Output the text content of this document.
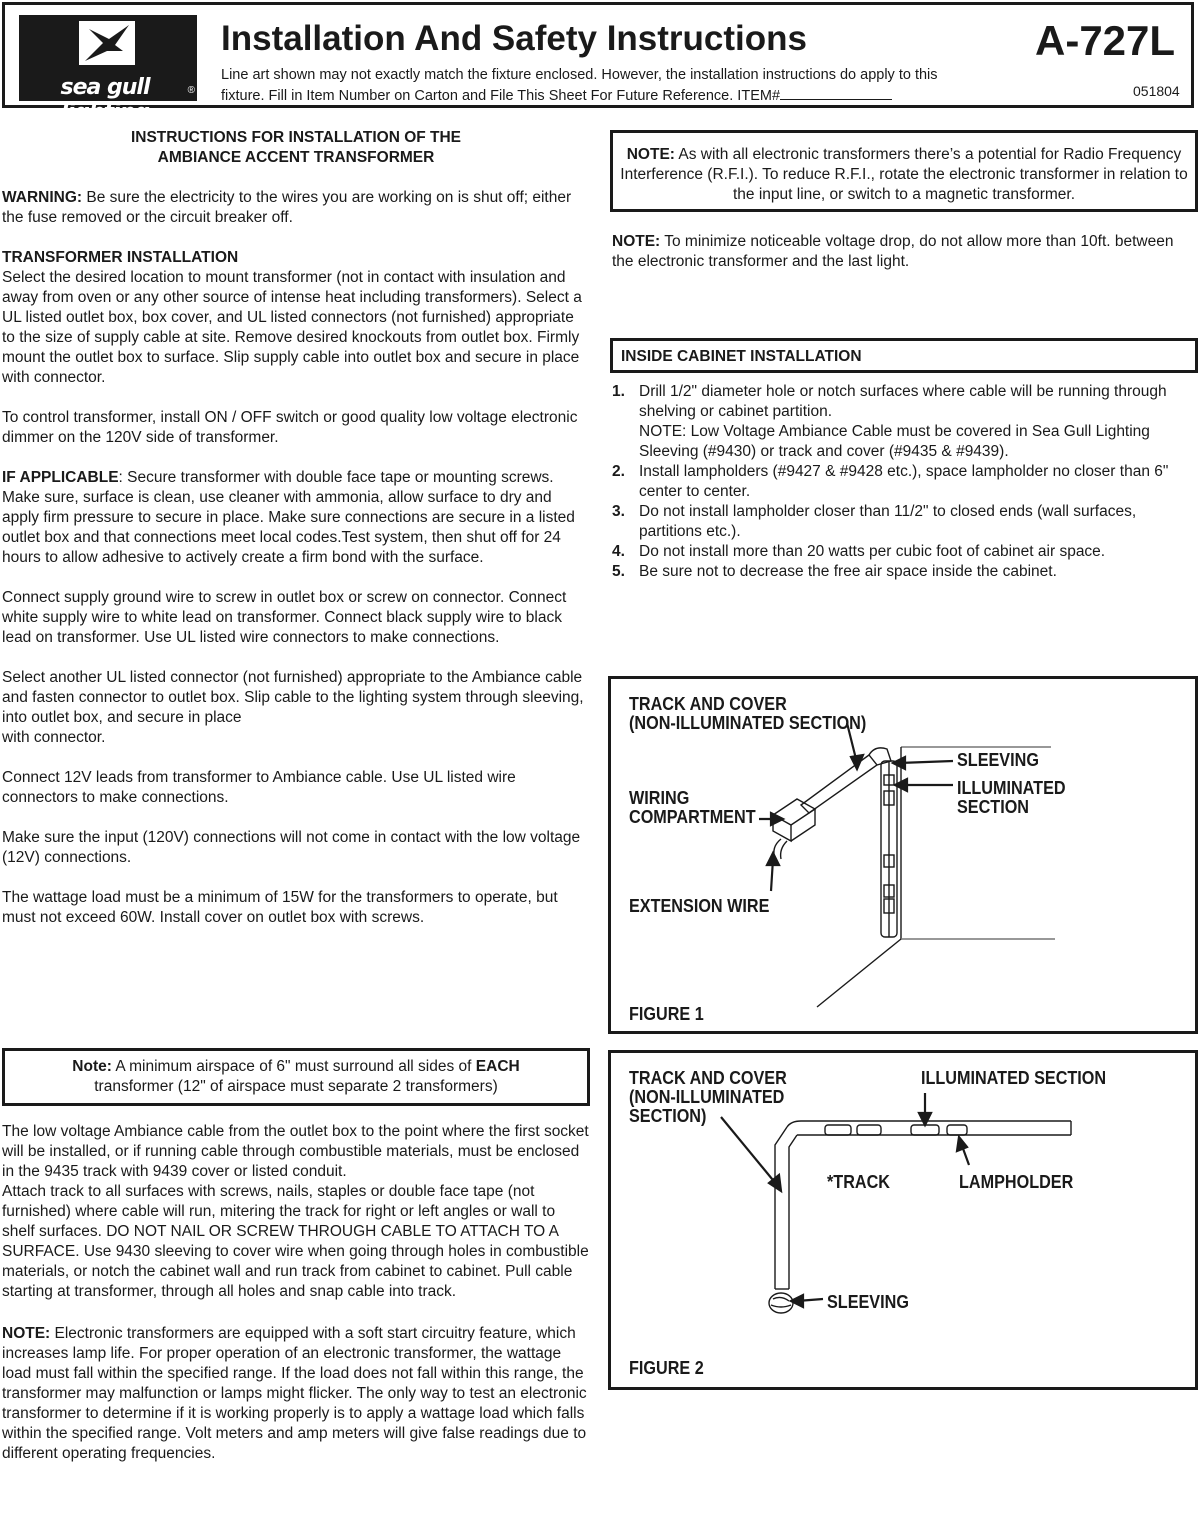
sea gull lighting
®
Installation And Safety Instructions	A-727L
051804
Line art shown may not exactly match the fixture enclosed. However, the installation instructions do apply to this fixture. Fill in Item Number on Carton and File This Sheet For Future Reference. ITEM#
INSTRUCTIONS FOR INSTALLATION OF THE
AMBIANCE ACCENT TRANSFORMER

WARNING: Be sure the electricity to the wires you are working on is shut off; either the fuse removed or the circuit breaker off.

TRANSFORMER INSTALLATION
Select the desired location to mount transformer (not in contact with insulation and away from oven or any other source of intense heat including transformers). Select a UL listed outlet box, box cover, and UL listed connectors (not furnished) appropriate to the size of supply cable at site. Remove desired knockouts from outlet box. Firmly mount the outlet box to surface. Slip supply cable into outlet box and secure in place with connector.

To control transformer, install ON / OFF switch or good quality low voltage electronic dimmer on the 120V side of transformer.

IF APPLICABLE: Secure transformer with double face tape or mounting screws. Make sure, surface is clean, use cleaner with ammonia, allow surface to dry and apply firm pressure to secure in place. Make sure connections are secure in a listed outlet box and that connections meet local codes.Test system, then shut off for 24 hours to allow adhesive to actively create a firm bond with the surface.

Connect supply ground wire to screw in outlet box or screw on connector. Connect white supply wire to white lead on transformer. Connect black supply wire to black lead on transformer. Use UL listed wire connectors to make connections.

Select another UL listed connector (not furnished) appropriate to the Ambiance cable and fasten connector to outlet box. Slip cable to the lighting system through sleeving, into outlet box, and secure in place
with connector.

Connect 12V leads from transformer to Ambiance cable. Use UL listed wire connectors to make connections.

Make sure the input (120V) connections will not come in contact with the low voltage (12V) connections.

The wattage load must be a minimum of 15W for the transformers to operate, but must not exceed 60W. Install cover on outlet box with screws.

Note: A minimum airspace of 6" must surround all sides of EACH
transformer (12" of airspace must separate 2 transformers)
The low voltage Ambiance cable from the outlet box to the point where the first socket will be installed, or if running cable through combustible materials, must be enclosed in the 9435 track with 9439 cover or listed conduit.

Attach track to all surfaces with screws, nails, staples or double face tape (not furnished) where cable will run, mitering the track for right or left angles or wall to shelf surfaces. DO NOT NAIL OR SCREW THROUGH CABLE TO ATTACH TO A SURFACE. Use 9430 sleeving to cover wire when going through holes in combustible materials, or notch the cabinet wall and run track from cabinet to cabinet. Pull cable starting at transformer, through all holes and snap cable into track.

NOTE: Electronic transformers are equipped with a soft start circuitry feature, which increases lamp life. For proper operation of an electronic transformer, the wattage load must fall within the specified range. If the load does not fall within this range, the transformer may malfunction or lamps might flicker. The only way to test an electronic transformer to determine if it is working properly is to apply a wattage load which falls within the specified range. Volt meters and amp meters will give false readings due to different operating frequencies.

NOTE: As with all electronic transformers there’s a potential for Radio Frequency Interference (R.F.I.). To reduce R.F.I., rotate the electronic transformer in relation to the input line, or switch to a magnetic transformer.
NOTE: To minimize noticeable voltage drop, do not allow more than 10ft. between the electronic transformer and the last light.
INSIDE CABINET INSTALLATION
1. Drill 1/2" diameter hole or notch surfaces where cable will be running through shelving or cabinet partition.
NOTE: Low Voltage Ambiance Cable must be covered in Sea Gull Lighting Sleeving (#9430) or track and cover (#9435 & #9439).
2. Install lampholders (#9427 & #9428 etc.), space lampholder no closer than 6" center to center.
3. Do not install lampholder closer than 11/2" to closed ends (wall surfaces, partitions etc.).
4. Do not install more than 20 watts per cubic foot of cabinet air space.
5. Be sure not to decrease the free air space inside the cabinet.
TRACK AND COVER
(NON-ILLUMINATED SECTION)
SLEEVING
ILLUMINATED
SECTION
WIRING
COMPARTMENT
EXTENSION WIRE
FIGURE 1
TRACK AND COVER
(NON-ILLUMINATED
SECTION)
ILLUMINATED SECTION
*TRACK	LAMPHOLDER
SLEEVING
FIGURE 2
